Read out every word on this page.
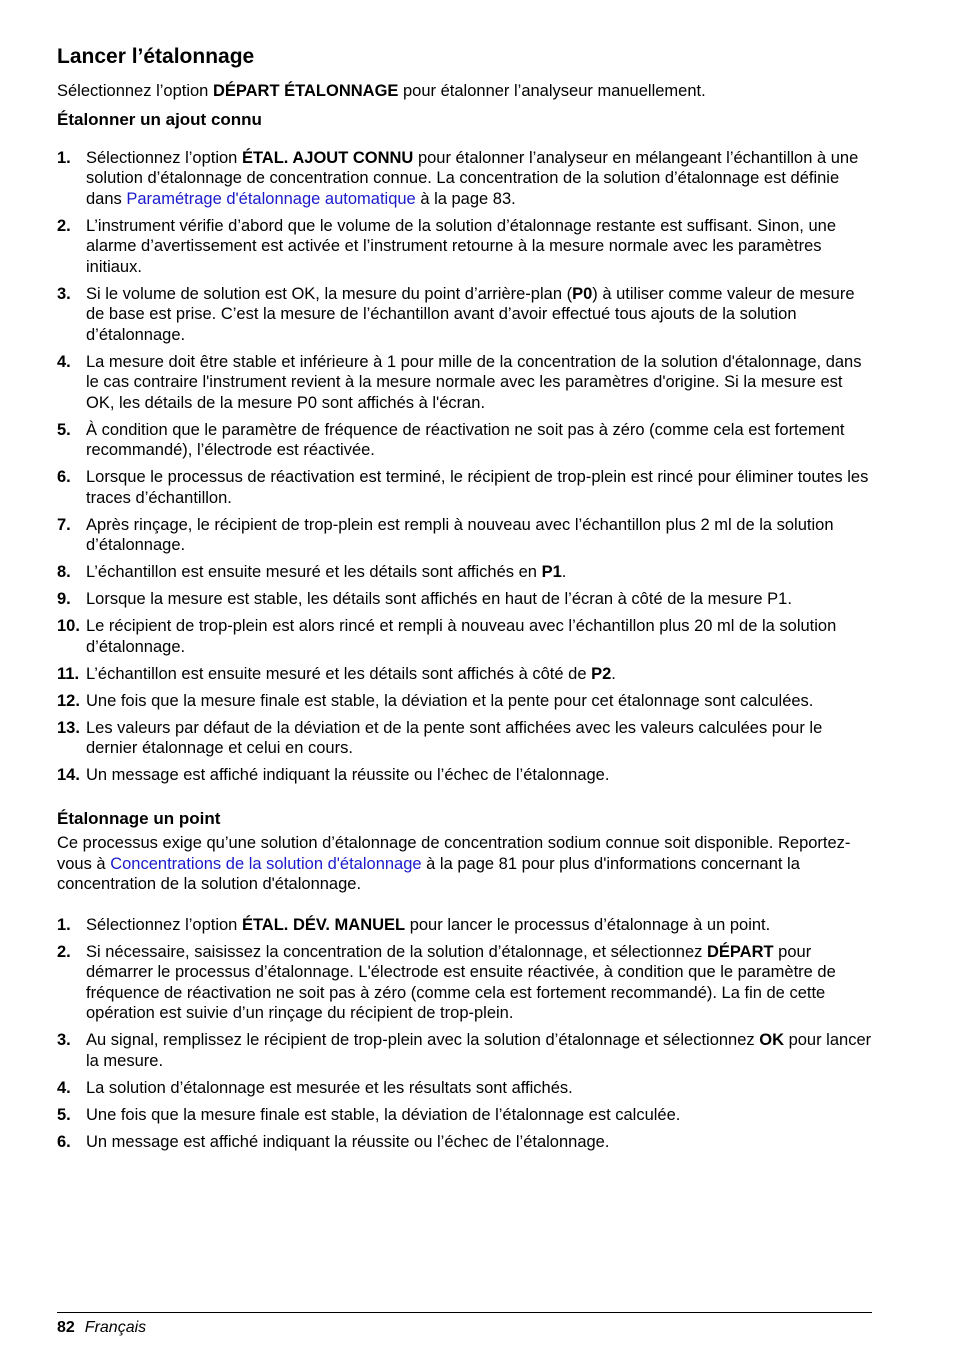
Lancer l’étalonnage

Sélectionnez l’option DÉPART ÉTALONNAGE pour étalonner l’analyseur manuellement.

Étalonner un ajout connu
1. Sélectionnez l’option ÉTAL. AJOUT CONNU pour étalonner l’analyseur en mélangeant l’échantillon à une solution d’étalonnage de concentration connue. La concentration de la solution d’étalonnage est définie dans Paramétrage d'étalonnage automatique à la page 83.
2. L’instrument vérifie d’abord que le volume de la solution d’étalonnage restante est suffisant. Sinon, une alarme d’avertissement est activée et l’instrument retourne à la mesure normale avec les paramètres initiaux.
3. Si le volume de solution est OK, la mesure du point d’arrière-plan (P0) à utiliser comme valeur de mesure de base est prise. C’est la mesure de l’échantillon avant d’avoir effectué tous ajouts de la solution d’étalonnage.
4. La mesure doit être stable et inférieure à 1 pour mille de la concentration de la solution d'étalonnage, dans le cas contraire l'instrument revient à la mesure normale avec les paramètres d'origine. Si la mesure est OK, les détails de la mesure P0 sont affichés à l'écran.
5. À condition que le paramètre de fréquence de réactivation ne soit pas à zéro (comme cela est fortement recommandé), l’électrode est réactivée.
6. Lorsque le processus de réactivation est terminé, le récipient de trop-plein est rincé pour éliminer toutes les traces d’échantillon.
7. Après rinçage, le récipient de trop-plein est rempli à nouveau avec l’échantillon plus 2 ml de la solution d’étalonnage.
8. L’échantillon est ensuite mesuré et les détails sont affichés en P1.
9. Lorsque la mesure est stable, les détails sont affichés en haut de l’écran à côté de la mesure P1.
10. Le récipient de trop-plein est alors rincé et rempli à nouveau avec l’échantillon plus 20 ml de la solution d’étalonnage.
11. L’échantillon est ensuite mesuré et les détails sont affichés à côté de P2.
12. Une fois que la mesure finale est stable, la déviation et la pente pour cet étalonnage sont calculées.
13. Les valeurs par défaut de la déviation et de la pente sont affichées avec les valeurs calculées pour le dernier étalonnage et celui en cours.
14. Un message est affiché indiquant la réussite ou l’échec de l’étalonnage.
Étalonnage un point

Ce processus exige qu’une solution d’étalonnage de concentration sodium connue soit disponible. Reportez-vous à Concentrations de la solution d'étalonnage à la page 81 pour plus d'informations concernant la concentration de la solution d'étalonnage.

1. Sélectionnez l’option ÉTAL. DÉV. MANUEL pour lancer le processus d’étalonnage à un point.
2. Si nécessaire, saisissez la concentration de la solution d’étalonnage, et sélectionnez DÉPART pour démarrer le processus d’étalonnage. L'électrode est ensuite réactivée, à condition que le paramètre de fréquence de réactivation ne soit pas à zéro (comme cela est fortement recommandé). La fin de cette opération est suivie d’un rinçage du récipient de trop-plein.
3. Au signal, remplissez le récipient de trop-plein avec la solution d’étalonnage et sélectionnez OK pour lancer la mesure.
4. La solution d’étalonnage est mesurée et les résultats sont affichés.
5. Une fois que la mesure finale est stable, la déviation de l’étalonnage est calculée.
6. Un message est affiché indiquant la réussite ou l’échec de l’étalonnage.
82 Français
